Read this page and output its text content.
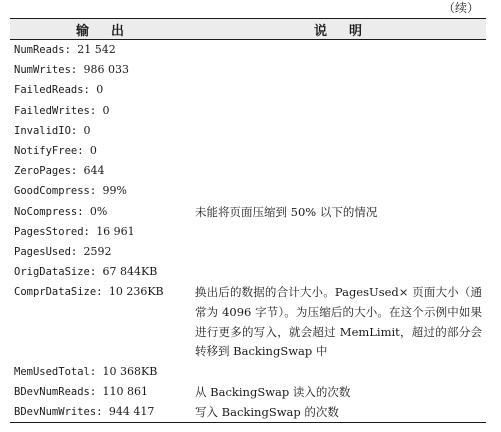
（续）
输出	说明
NumReads: 21 542
NumWrites: 986 033
FailedReads: 0
FailedWrites: 0
InvalidIO: 0
NotifyFree: 0
ZeroPages: 644
GoodCompress: 99%
NoCompress: 0%	未能将页面压缩到 50% 以下的情况
PagesStored: 16 961
PagesUsed: 2592
OrigDataSize: 67 844KB
ComprDataSize: 10 236KB	换出后的数据的合计大小。PagesUsed× 页面大小（通常为 4096 字节）。为压缩后的大小。在这个示例中如果进行更多的写入，就会超过 MemLimit，超过的部分会转移到 BackingSwap 中
MemUsedTotal: 10 368KB
BDevNumReads: 110 861	从 BackingSwap 读入的次数
BDevNumWrites: 944 417	写入 BackingSwap 的次数
